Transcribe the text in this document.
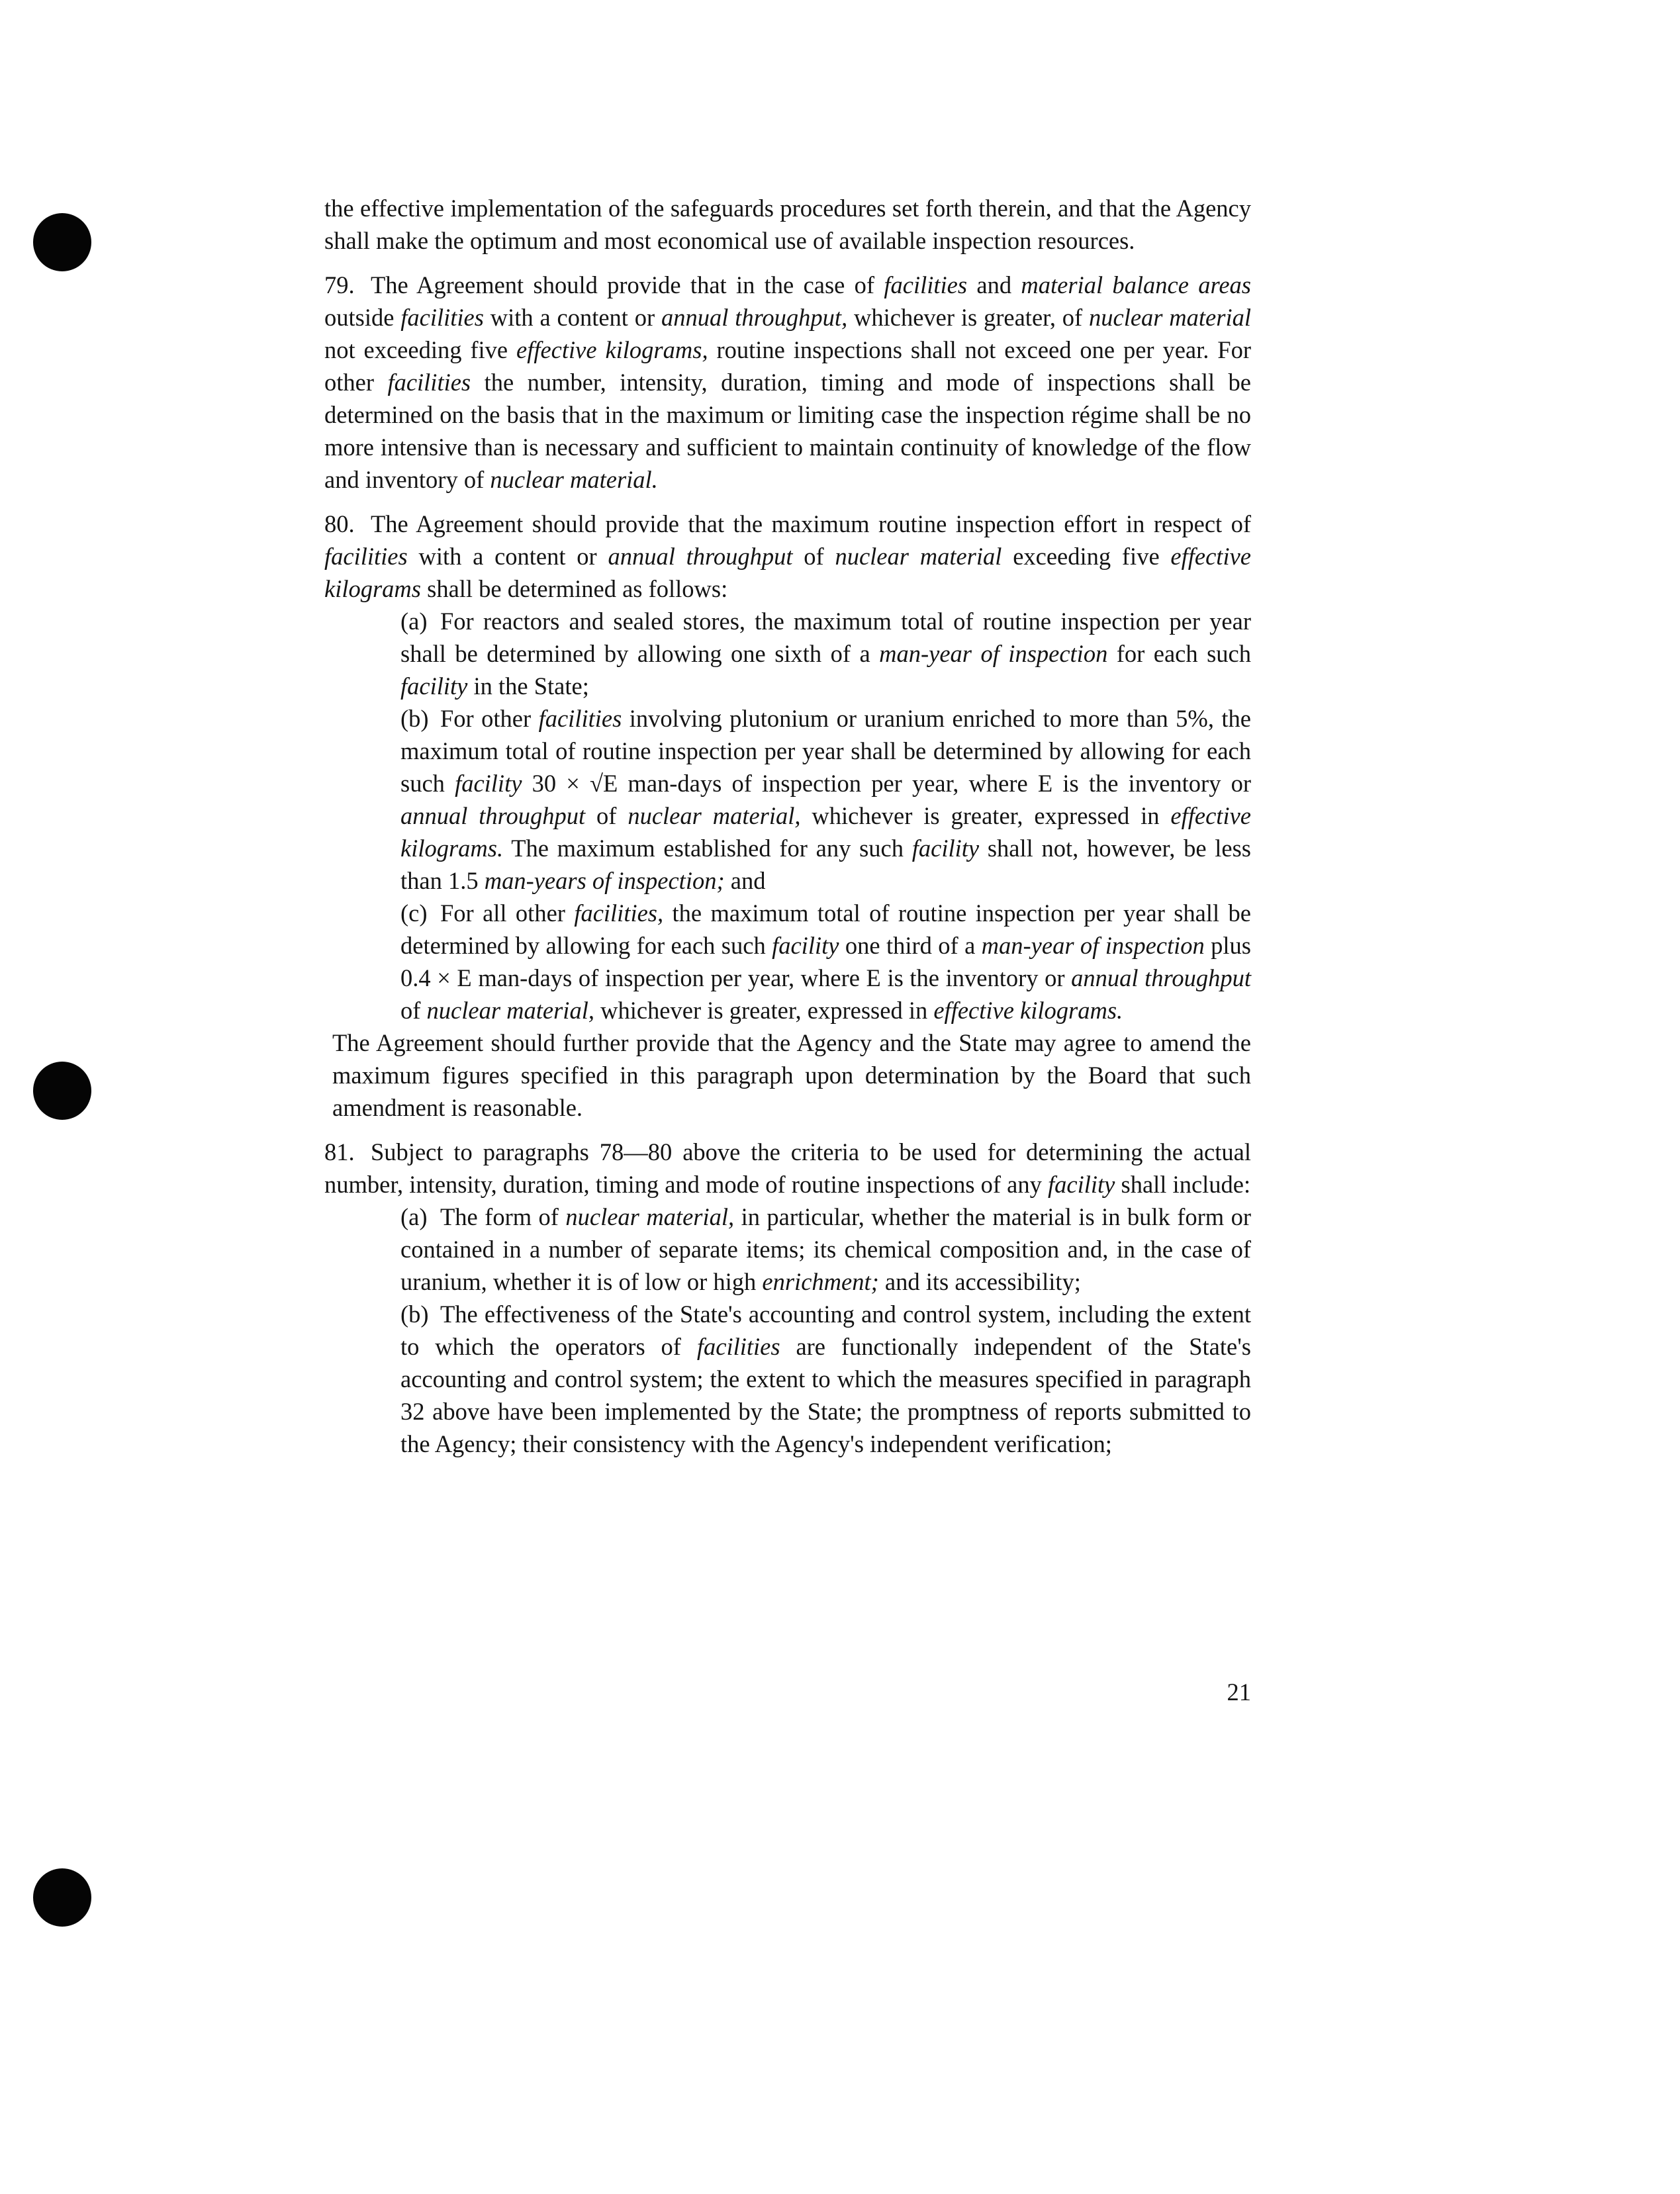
the effective implementation of the safeguards procedures set forth therein, and that the Agency shall make the optimum and most economical use of available inspection resources.

79. The Agreement should provide that in the case of facilities and material balance areas outside facilities with a content or annual throughput, whichever is greater, of nuclear material not exceeding five effective kilograms, routine inspections shall not exceed one per year. For other facilities the number, intensity, duration, timing and mode of inspections shall be determined on the basis that in the maximum or limiting case the inspection régime shall be no more intensive than is necessary and sufficient to maintain continuity of knowledge of the flow and inventory of nuclear material.

80. The Agreement should provide that the maximum routine inspection effort in respect of facilities with a content or annual throughput of nuclear material exceeding five effective kilograms shall be determined as follows:

(a) For reactors and sealed stores, the maximum total of routine inspection per year shall be determined by allowing one sixth of a man-year of inspection for each such facility in the State;

(b) For other facilities involving plutonium or uranium enriched to more than 5%, the maximum total of routine inspection per year shall be determined by allowing for each such facility 30 × √E man-days of inspection per year, where E is the inventory or annual throughput of nuclear material, whichever is greater, expressed in effective kilograms. The maximum established for any such facility shall not, however, be less than 1.5 man-years of inspection; and

(c) For all other facilities, the maximum total of routine inspection per year shall be determined by allowing for each such facility one third of a man-year of inspection plus 0.4 × E man-days of inspection per year, where E is the inventory or annual throughput of nuclear material, whichever is greater, expressed in effective kilograms.

The Agreement should further provide that the Agency and the State may agree to amend the maximum figures specified in this paragraph upon determination by the Board that such amendment is reasonable.

81. Subject to paragraphs 78—80 above the criteria to be used for determining the actual number, intensity, duration, timing and mode of routine inspections of any facility shall include:

(a) The form of nuclear material, in particular, whether the material is in bulk form or contained in a number of separate items; its chemical composition and, in the case of uranium, whether it is of low or high enrichment; and its accessibility;

(b) The effectiveness of the State's accounting and control system, including the extent to which the operators of facilities are functionally independent of the State's accounting and control system; the extent to which the measures specified in paragraph 32 above have been implemented by the State; the promptness of reports submitted to the Agency; their consistency with the Agency's independent verification;

21
